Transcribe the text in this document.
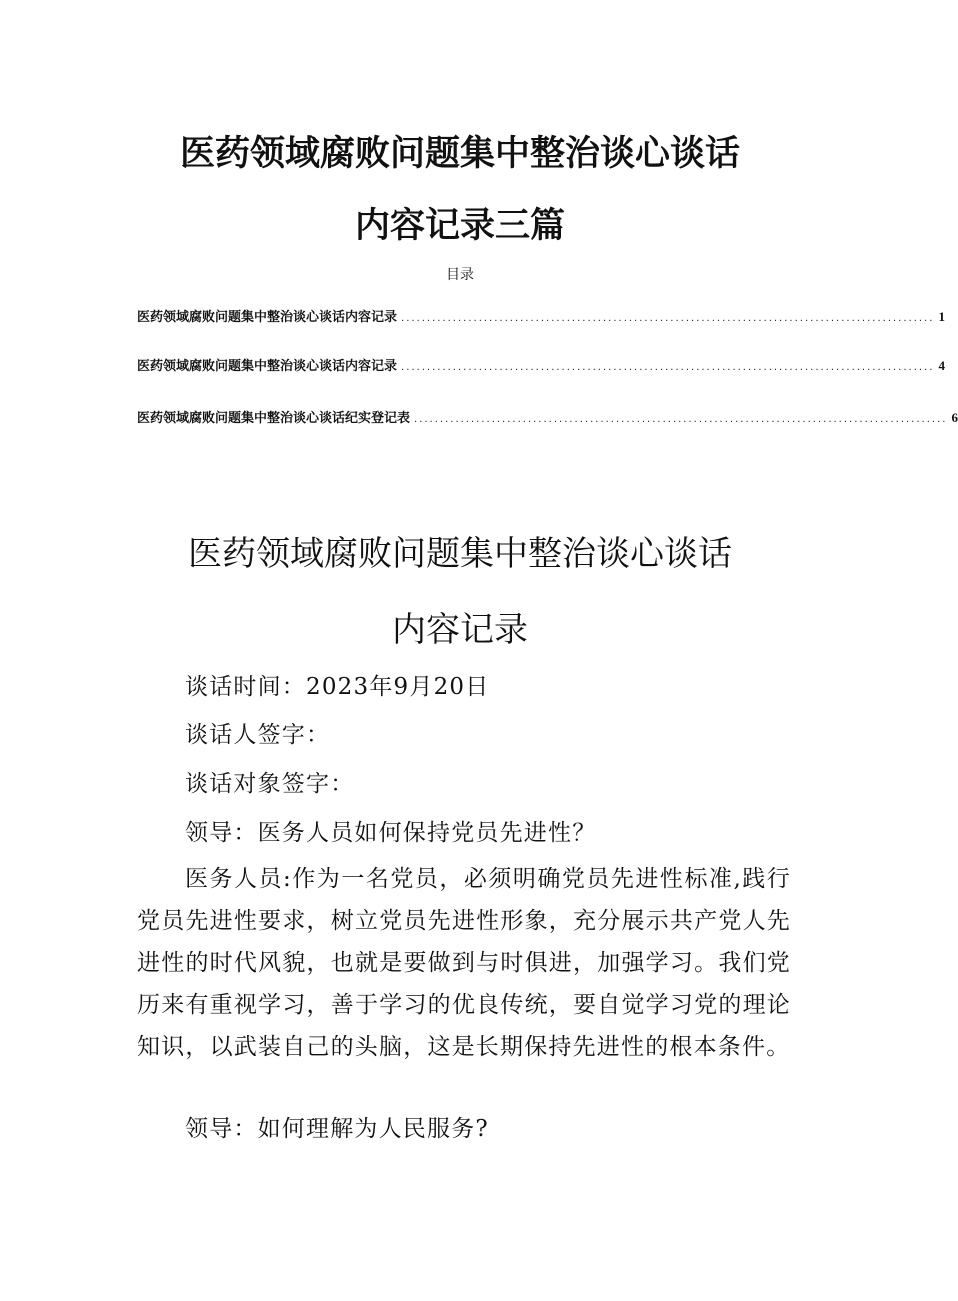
医药领域腐败问题集中整治谈心谈话
内容记录三篇
目录
医药领域腐败问题集中整治谈心谈话内容记录 ....................................................................................................... 1
医药领域腐败问题集中整治谈心谈话内容记录 ....................................................................................................... 4
医药领域腐败问题集中整治谈心谈话纪实登记表 ....................................................................................................... 6
医药领域腐败问题集中整治谈心谈话
内容记录
谈话时间：2023年9月20日
谈话人签字：
谈话对象签字：
领导：医务人员如何保持党员先进性？
医务人员:作为一名党员，必须明确党员先进性标准,践行党员先进性要求，树立党员先进性形象，充分展示共产党人先进性的时代风貌，也就是要做到与时俱进，加强学习。我们党历来有重视学习，善于学习的优良传统，要自觉学习党的理论知识，以武装自己的头脑，这是长期保持先进性的根本条件。
领导：如何理解为人民服务?
